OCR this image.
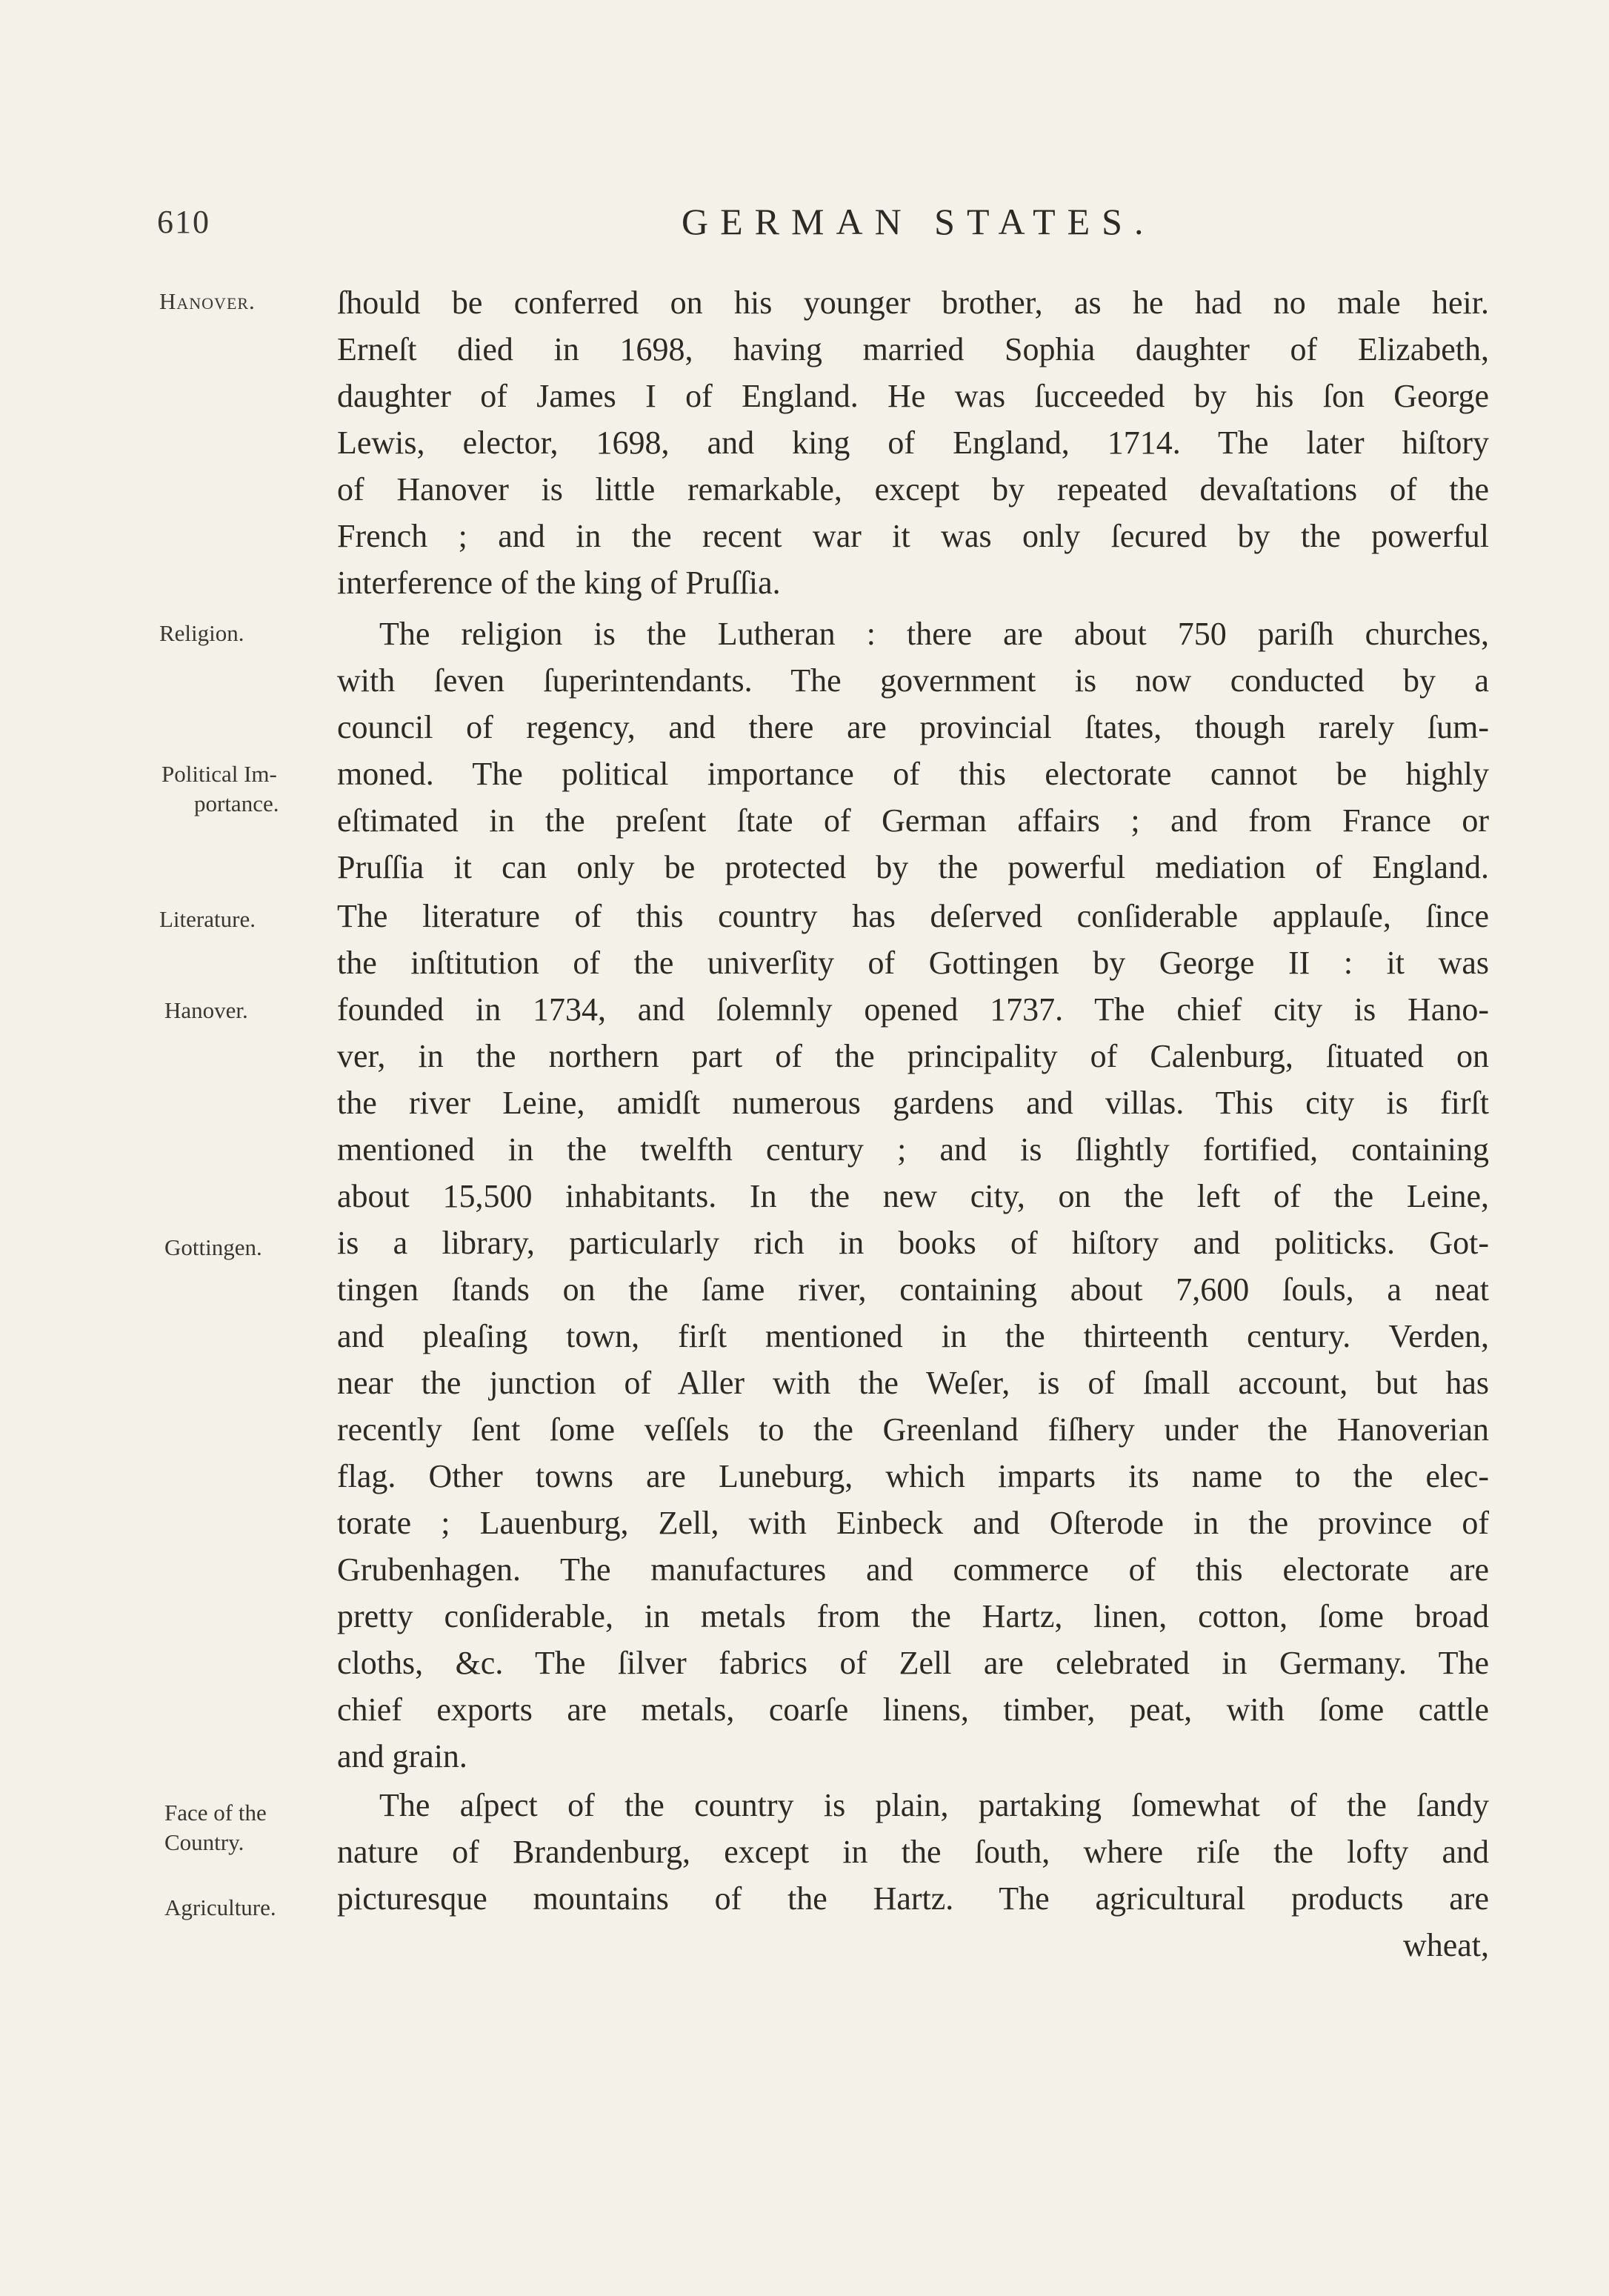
610	GERMAN STATES.
Hanover.
Religion.
Political Im-
portance.
Literature.
Hanover.
Gottingen.
Face of the
Country.
Agriculture.
ſhould be conferred on his younger brother, as he had no male heir.
Erneſt died in 1698, having married Sophia daughter of Elizabeth,
daughter of James I of England. He was ſucceeded by his ſon George
Lewis, elector, 1698, and king of England, 1714. The later hiſtory
of Hanover is little remarkable, except by repeated devaſtations of the
French ; and in the recent war it was only ſecured by the powerful
interference of the king of Pruſſia.
The religion is the Lutheran : there are about 750 pariſh churches,
with ſeven ſuperintendants. The government is now conducted by a
council of regency, and there are provincial ſtates, though rarely ſum-
moned. The political importance of this electorate cannot be highly
eſtimated in the preſent ſtate of German affairs ; and from France or
Pruſſia it can only be protected by the powerful mediation of England.
The literature of this country has deſerved conſiderable applauſe, ſince
the inſtitution of the univerſity of Gottingen by George II : it was
founded in 1734, and ſolemnly opened 1737. The chief city is Hano-
ver, in the northern part of the principality of Calenburg, ſituated on
the river Leine, amidſt numerous gardens and villas. This city is firſt
mentioned in the twelfth century ; and is ſlightly fortified, containing
about 15,500 inhabitants. In the new city, on the left of the Leine,
is a library, particularly rich in books of hiſtory and politicks. Got-
tingen ſtands on the ſame river, containing about 7,600 ſouls, a neat
and pleaſing town, firſt mentioned in the thirteenth century. Verden,
near the junction of Aller with the Weſer, is of ſmall account, but has
recently ſent ſome veſſels to the Greenland fiſhery under the Hanoverian
flag. Other towns are Luneburg, which imparts its name to the elec-
torate ; Lauenburg, Zell, with Einbeck and Oſterode in the province of
Grubenhagen. The manufactures and commerce of this electorate are
pretty conſiderable, in metals from the Hartz, linen, cotton, ſome broad
cloths, &c. The ſilver fabrics of Zell are celebrated in Germany. The
chief exports are metals, coarſe linens, timber, peat, with ſome cattle
and grain.
The aſpect of the country is plain, partaking ſomewhat of the ſandy
nature of Brandenburg, except in the ſouth, where riſe the lofty and
picturesque mountains of the Hartz. The agricultural products are
wheat,
